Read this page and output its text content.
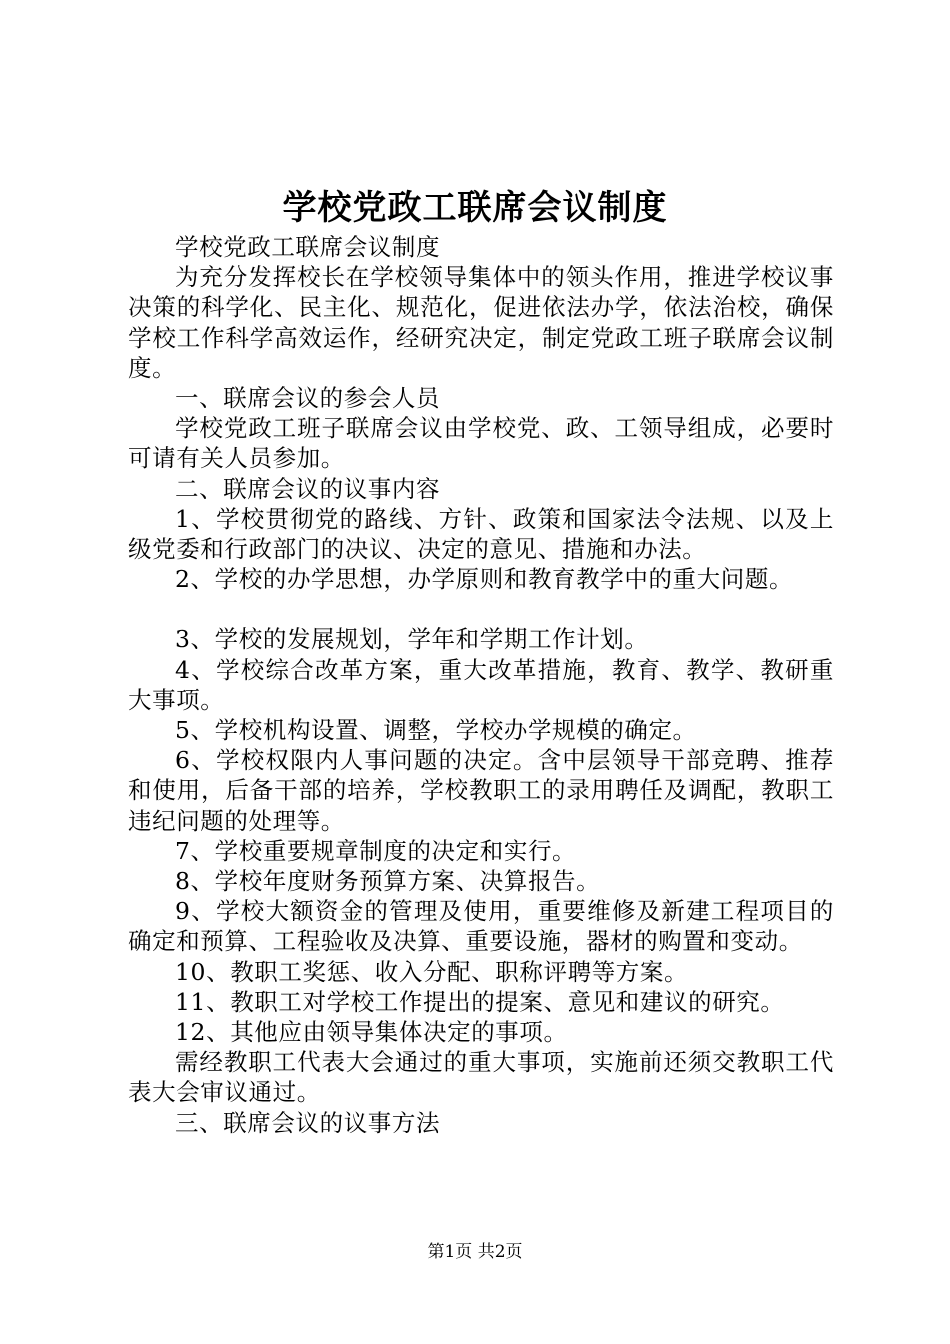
学校党政工联席会议制度

学校党政工联席会议制度

为充分发挥校长在学校领导集体中的领头作用，推进学校议事决策的科学化、民主化、规范化，促进依法办学，依法治校，确保学校工作科学高效运作，经研究决定，制定党政工班子联席会议制度。

一、联席会议的参会人员

学校党政工班子联席会议由学校党、政、工领导组成，必要时可请有关人员参加。

二、联席会议的议事内容

1、学校贯彻党的路线、方针、政策和国家法令法规、以及上级党委和行政部门的决议、决定的意见、措施和办法。

2、学校的办学思想，办学原则和教育教学中的重大问题。

3、学校的发展规划，学年和学期工作计划。

4、学校综合改革方案，重大改革措施，教育、教学、教研重大事项。

5、学校机构设置、调整，学校办学规模的确定。

6、学校权限内人事问题的决定。含中层领导干部竞聘、推荐和使用，后备干部的培养，学校教职工的录用聘任及调配，教职工违纪问题的处理等。

7、学校重要规章制度的决定和实行。

8、学校年度财务预算方案、决算报告。

9、学校大额资金的管理及使用，重要维修及新建工程项目的确定和预算、工程验收及决算、重要设施，器材的购置和变动。

10、教职工奖惩、收入分配、职称评聘等方案。

11、教职工对学校工作提出的提案、意见和建议的研究。

12、其他应由领导集体决定的事项。

需经教职工代表大会通过的重大事项，实施前还须交教职工代表大会审议通过。

三、联席会议的议事方法

第1页 共2页
